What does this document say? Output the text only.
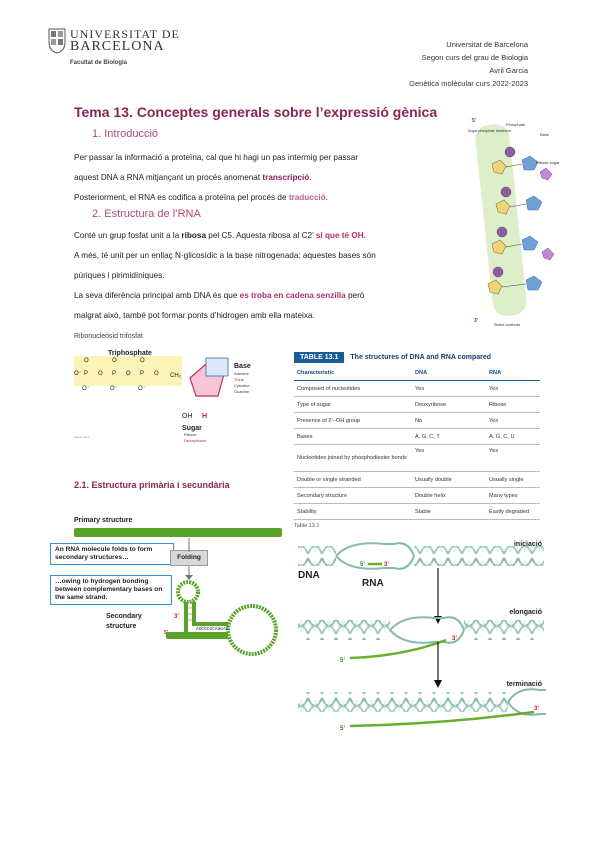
UNIVERSITAT DE
BARCELONA
Facultat de Biologia
Universitat de Barcelona
Segon curs del grau de Biologia
Avril Garcia
Genètica molècular curs 2022-2023
Tema 13. Conceptes generals sobre l’expressió gènica
1. Introducció
Per passar la informació a proteïna, cal que hi hagi un pas intermig per passar
aquest DNA a RNA mitjançant un procés anomenat transcripció.
Posteriorment, el RNA es codifica a proteïna pel procés de traducció.
2. Estructura de l’RNA
Conté un grup fosfat unit a la ribosa pel C5. Aquesta ribosa al C2’ sí que té OH.
A més, té unit per un enllaç N-glicosídic a la base nitrogenada: aquestes bases són
púriques i pirimidíniques.
La seva diferència principal amb DNA és que es troba en cadena senzilla però
malgrat això, també pot formar ponts d’hidrogen amb ella mateixa.
5'
3'
Phosphate
Base
Ribose sugar
Sugar-phosphate backbone
Strand continues
Ribonucleòsid trifosfat
Triphosphate
O	O	O
O⁻ P O P O P O CH₂
O⁻	O⁻	O⁻
Base
Adenine
Thine
Cytosine
Guanine
OH H
Sugar
Ribose
Deoxyribose
Figure 13.1 ...
TABLE 13.1	The structures of DNA and RNA compared
Characteristic	DNA	RNA
Composed of nucleotides	Yes	Yes
Type of sugar	Deoxyribose	Ribose
Presence of 2’–OH group	No	Yes
Bases	A, G, C, T	A, G, C, U
Nucleotides joined by phosphodiester bonds	Yes	Yes
Double or single stranded	Usually double	Usually single
Secondary structure	Double helix	Many types
Stability	Stable	Easily degraded
Table 13.1
2.1. Estructura primària i secundària
Primary structure
AUCGCGCAUGACGCGUUAUCGCGAUAGCCCGCAUGACGAUUCGGA
An RNA molecule folds to form secondary structures…
…owing to hydrogen bonding between complementary bases on the same strand.
Folding
3'
AUCGCGCAUGAC
5'
Secondary structure
iniciació
elongació
terminació
DNA
RNA
5’	3’
5’
3’
5’
3’
